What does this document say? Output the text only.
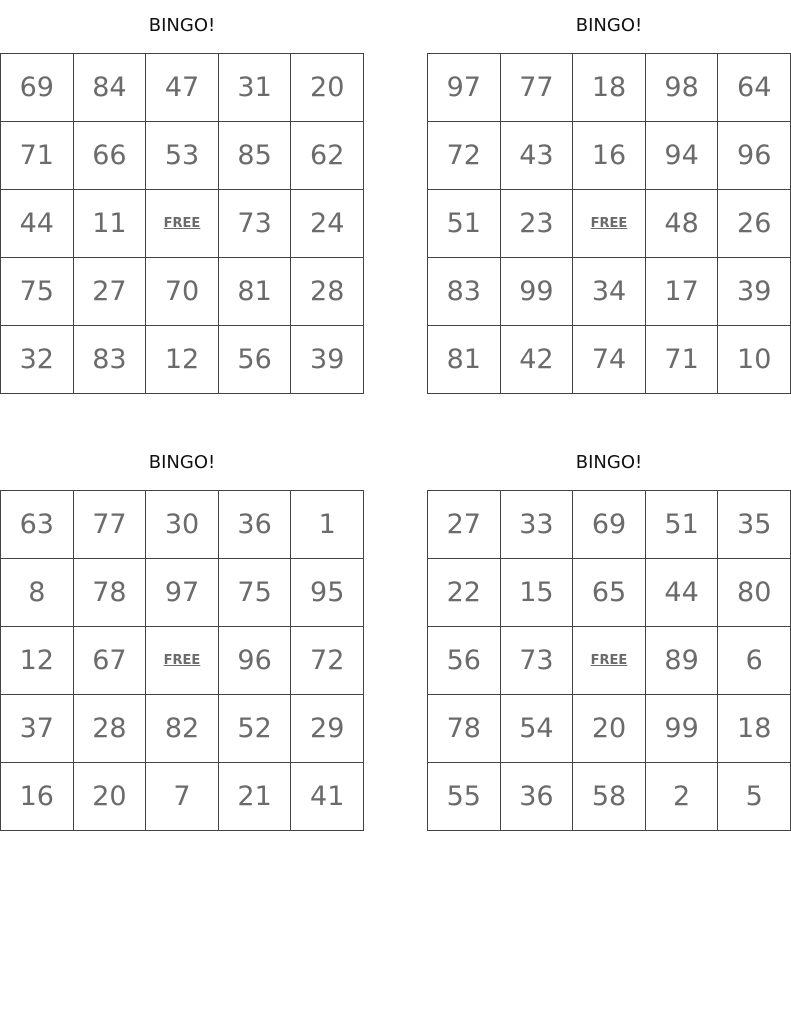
BINGO!
69	84	47	31	20
71	66	53	85	62
44	11	FREE	73	24
75	27	70	81	28
32	83	12	56	39
BINGO!
97	77	18	98	64
72	43	16	94	96
51	23	FREE	48	26
83	99	34	17	39
81	42	74	71	10
BINGO!
63	77	30	36	1
8	78	97	75	95
12	67	FREE	96	72
37	28	82	52	29
16	20	7	21	41
BINGO!
27	33	69	51	35
22	15	65	44	80
56	73	FREE	89	6
78	54	20	99	18
55	36	58	2	5
